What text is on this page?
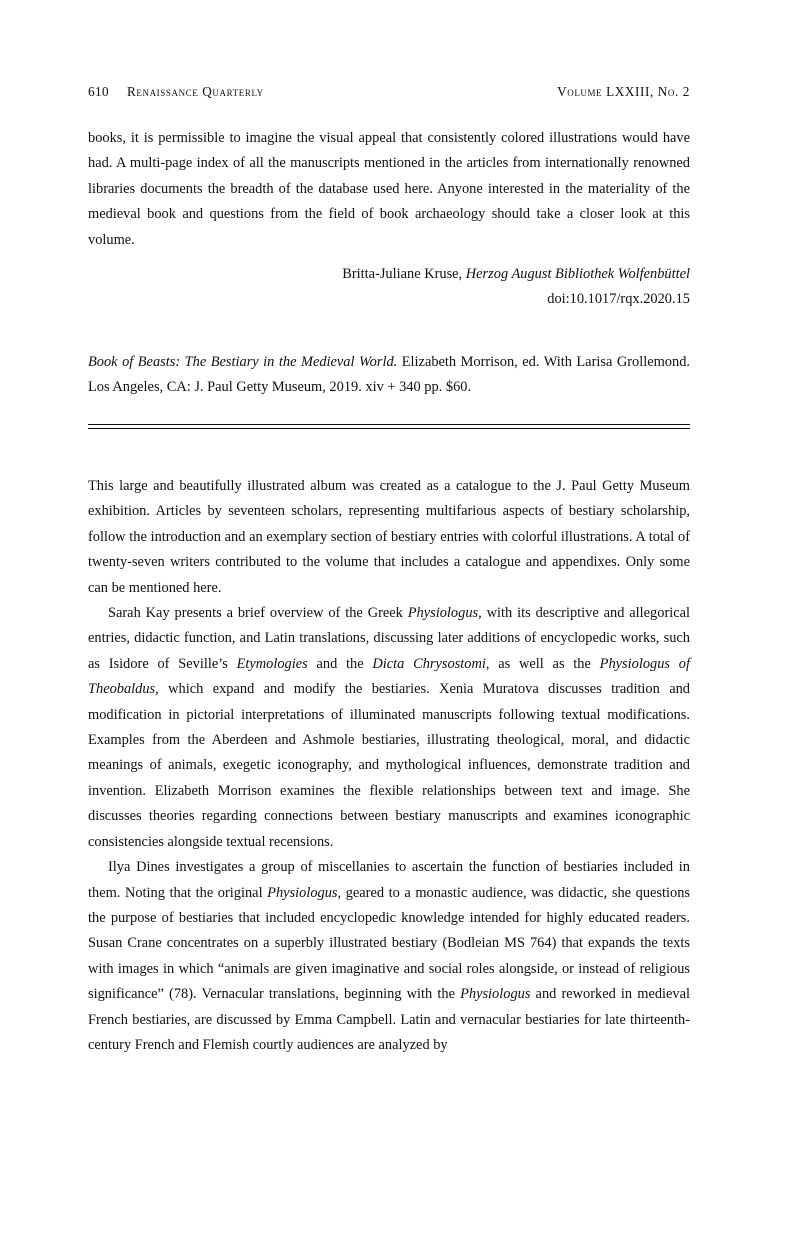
610 Renaissance Quarterly	Volume LXXIII, No. 2

books, it is permissible to imagine the visual appeal that consistently colored illustrations would have had. A multi-page index of all the manuscripts mentioned in the articles from internationally renowned libraries documents the breadth of the database used here. Anyone interested in the materiality of the medieval book and questions from the field of book archaeology should take a closer look at this volume.

Britta-Juliane Kruse, Herzog August Bibliothek Wolfenbüttel
doi:10.1017/rqx.2020.15
Book of Beasts: The Bestiary in the Medieval World. Elizabeth Morrison, ed. With Larisa Grollemond. Los Angeles, CA: J. Paul Getty Museum, 2019. xiv + 340 pp. $60.

This large and beautifully illustrated album was created as a catalogue to the J. Paul Getty Museum exhibition. Articles by seventeen scholars, representing multifarious aspects of bestiary scholarship, follow the introduction and an exemplary section of bestiary entries with colorful illustrations. A total of twenty-seven writers contributed to the volume that includes a catalogue and appendixes. Only some can be mentioned here.

Sarah Kay presents a brief overview of the Greek Physiologus, with its descriptive and allegorical entries, didactic function, and Latin translations, discussing later additions of encyclopedic works, such as Isidore of Seville’s Etymologies and the Dicta Chrysostomi, as well as the Physiologus of Theobaldus, which expand and modify the bestiaries. Xenia Muratova discusses tradition and modification in pictorial interpretations of illuminated manuscripts following textual modifications. Examples from the Aberdeen and Ashmole bestiaries, illustrating theological, moral, and didactic meanings of animals, exegetic iconography, and mythological influences, demonstrate tradition and invention. Elizabeth Morrison examines the flexible relationships between text and image. She discusses theories regarding connections between bestiary manuscripts and examines iconographic consistencies alongside textual recensions.

Ilya Dines investigates a group of miscellanies to ascertain the function of bestiaries included in them. Noting that the original Physiologus, geared to a monastic audience, was didactic, she questions the purpose of bestiaries that included encyclopedic knowledge intended for highly educated readers. Susan Crane concentrates on a superbly illustrated bestiary (Bodleian MS 764) that expands the texts with images in which “animals are given imaginative and social roles alongside, or instead of religious significance” (78). Vernacular translations, beginning with the Physiologus and reworked in medieval French bestiaries, are discussed by Emma Campbell. Latin and vernacular bestiaries for late thirteenth-century French and Flemish courtly audiences are analyzed by
